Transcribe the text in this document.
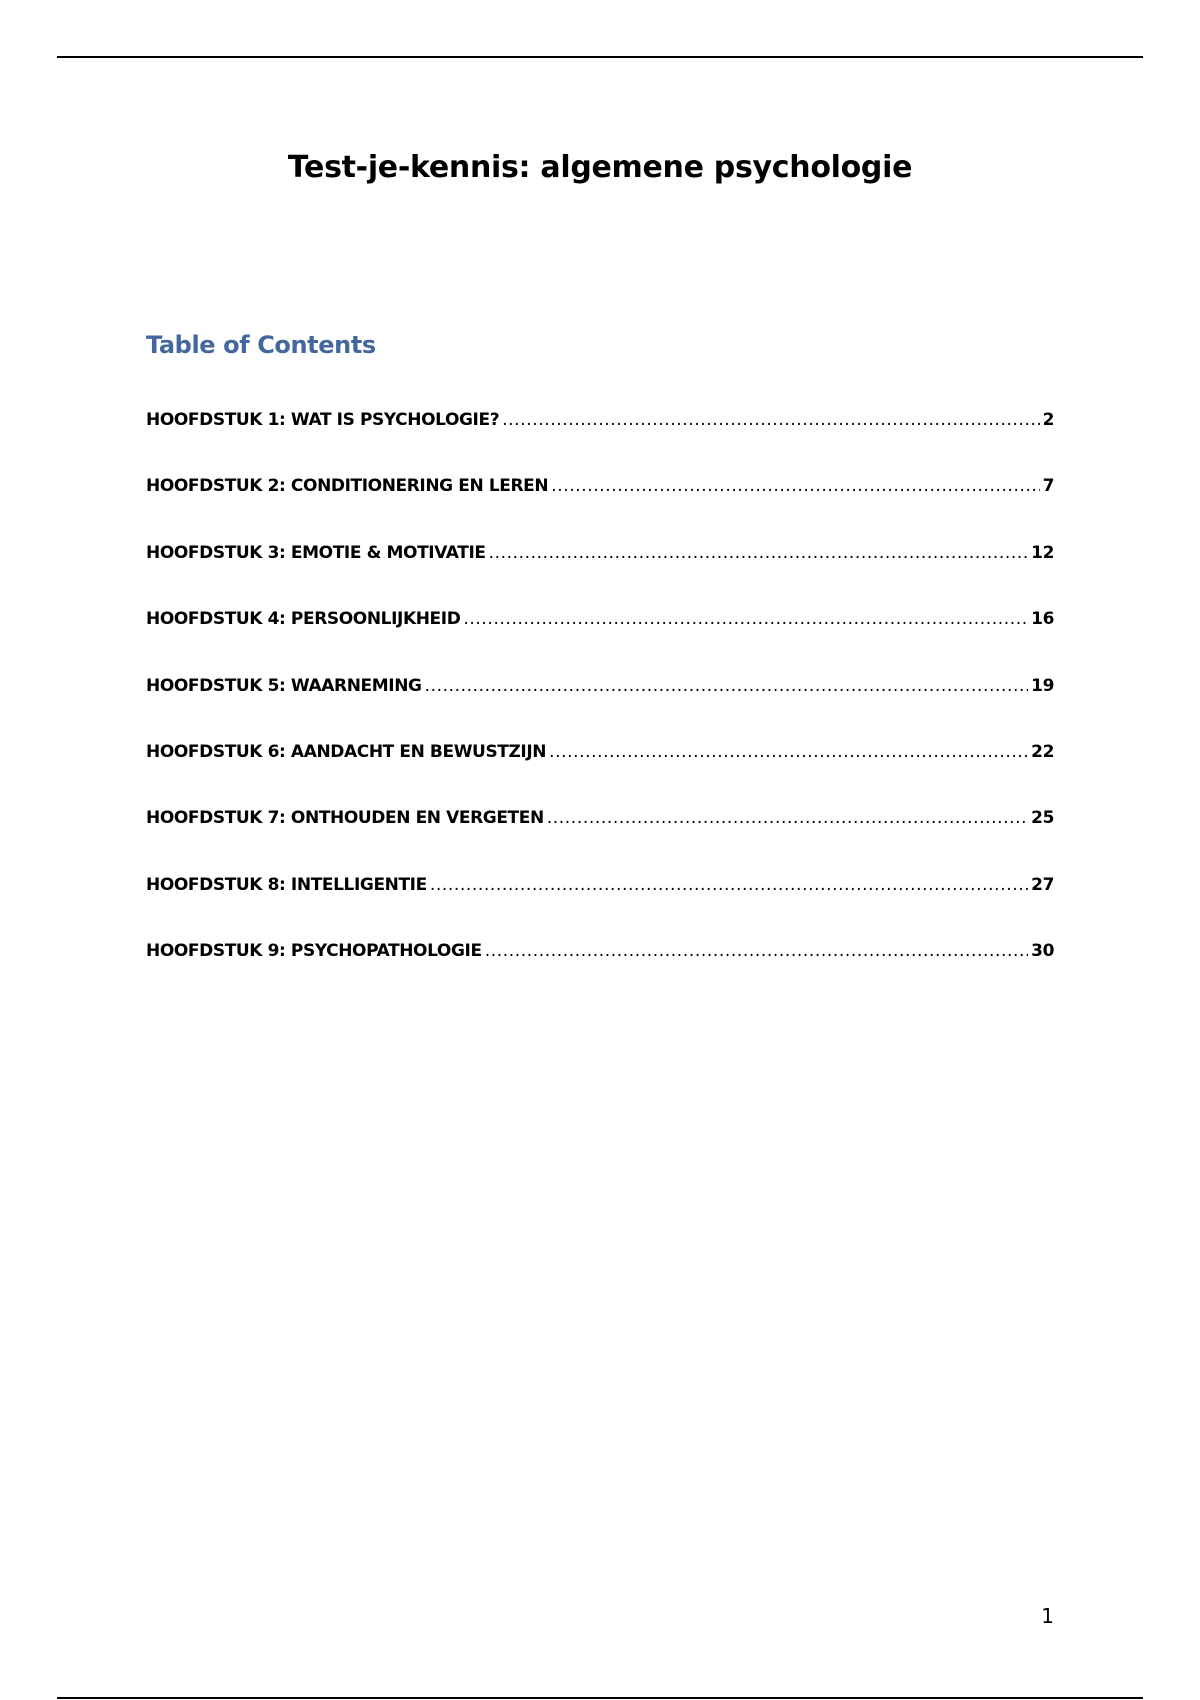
Test-je-kennis: algemene psychologie
Table of Contents
HOOFDSTUK 1: WAT IS PSYCHOLOGIE? .....	2
HOOFDSTUK 2: CONDITIONERING EN LEREN .....	7
HOOFDSTUK 3: EMOTIE & MOTIVATIE .....	12
HOOFDSTUK 4: PERSOONLIJKHEID .....	16
HOOFDSTUK 5: WAARNEMING .....	19
HOOFDSTUK 6: AANDACHT EN BEWUSTZIJN .....	22
HOOFDSTUK 7: ONTHOUDEN EN VERGETEN .....	25
HOOFDSTUK 8: INTELLIGENTIE .....	27
HOOFDSTUK 9: PSYCHOPATHOLOGIE .....	30
1
